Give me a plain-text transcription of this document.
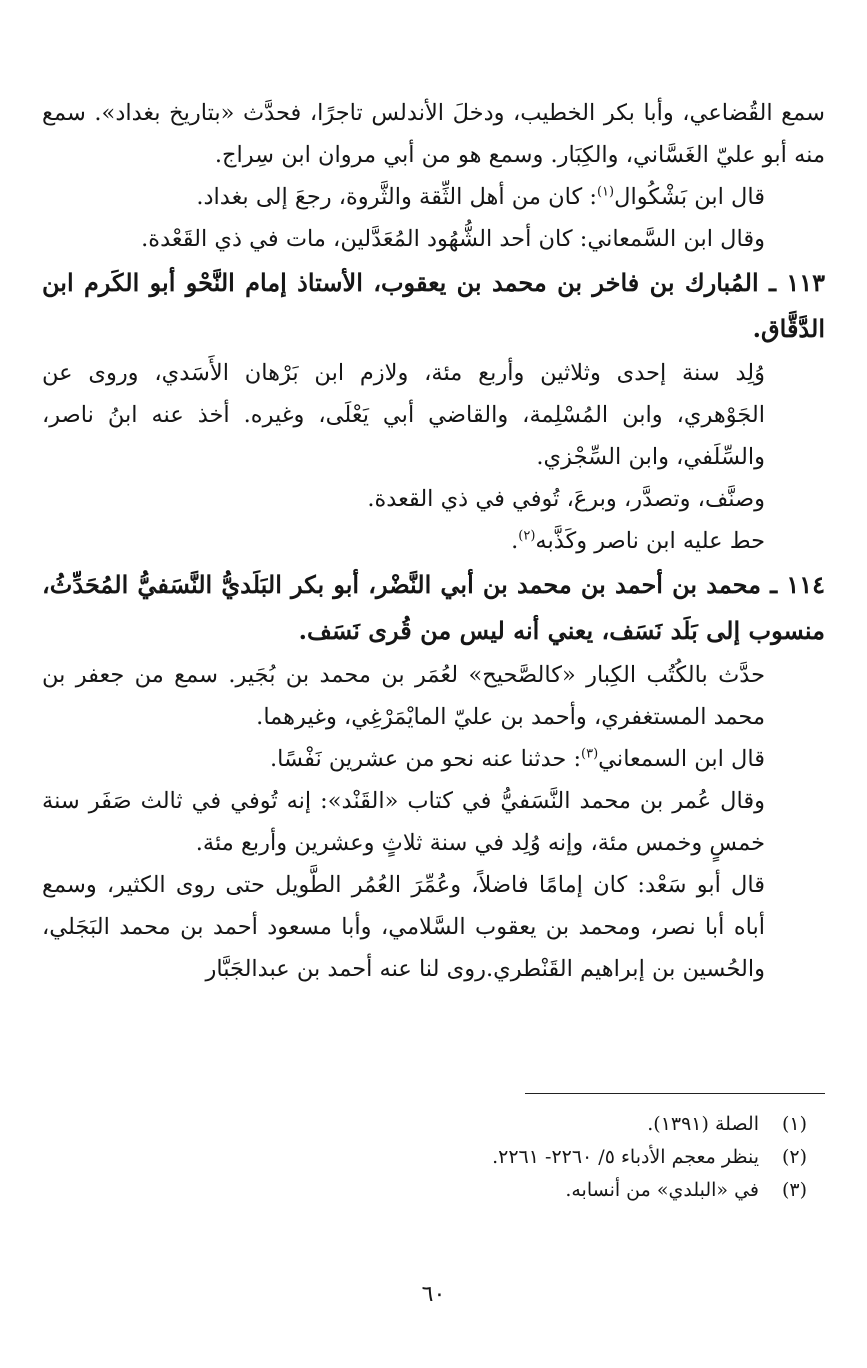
سمع القُضاعي، وأبا بكر الخطيب، ودخلَ الأندلس تاجرًا، فحدَّث «بتاريخ بغداد». سمع منه أبو عليّ الغَسَّاني، والكِبَار. وسمع هو من أبي مروان ابن سِراج.

قال ابن بَشْكُوال$^{(١)}$: كان من أهل الثِّقة والثَّروة، رجعَ إلى بغداد.

وقال ابن السَّمعاني: كان أحد الشُّهُود المُعَدَّلين، مات في ذي القَعْدة.

١١٣ ـ المُبارك بن فاخر بن محمد بن يعقوب، الأستاذ إمام النَّحْو أبو الكَرم ابن الدَّقَّاق.

وُلِد سنة إحدى وثلاثين وأربع مئة، ولازم ابن بَرْهان الأَسَدي، وروى عن الجَوْهري، وابن المُسْلِمة، والقاضي أبي يَعْلَى، وغيره. أخذ عنه ابنُ ناصر، والسِّلَفي، وابن السِّجْزي.

وصنَّف، وتصدَّر، وبرعَ، تُوفي في ذي القعدة.

حط عليه ابن ناصر وكَذَّبه$^{(٢)}$.

١١٤ ـ محمد بن أحمد بن محمد بن أبي النَّضْر، أبو بكر البَلَديُّ النَّسَفيُّ المُحَدِّثُ، منسوب إلى بَلَد نَسَف، يعني أنه ليس من قُرى نَسَف.

حدَّث بالكُتُب الكِبار «كالصَّحيح» لعُمَر بن محمد بن بُجَير. سمع من جعفر بن محمد المستغفري، وأحمد بن عليّ المايْمَرْغِي، وغيرهما.

قال ابن السمعاني$^{(٣)}$: حدثنا عنه نحو من عشرين نَفْسًا.

وقال عُمر بن محمد النَّسَفيُّ في كتاب «القَنْد»: إنه تُوفي في ثالث صَفَر سنة خمسٍ وخمس مئة، وإنه وُلِد في سنة ثلاثٍ وعشرين وأربع مئة.

قال أبو سَعْد: كان إمامًا فاضلاً، وعُمِّرَ العُمُر الطَّويل حتى روى الكثير، وسمع أباه أبا نصر، ومحمد بن يعقوب السَّلامي، وأبا مسعود أحمد بن محمد البَجَلي، والحُسين بن إبراهيم القَنْطري.روى لنا عنه أحمد بن عبدالجَبَّار

(١)
الصلة (١٣٩١).
(٢)
ينظر معجم الأدباء ٥/ ٢٢٦٠- ٢٢٦١.
(٣)
في «البلدي» من أنسابه.
٦٠
